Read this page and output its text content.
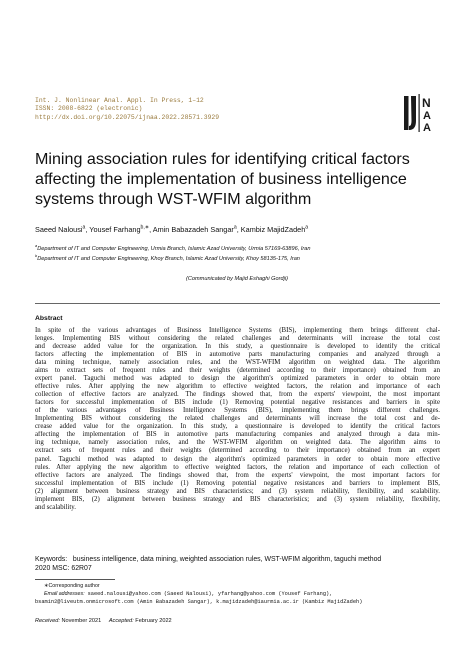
Int. J. Nonlinear Anal. Appl. In Press, 1–12
ISSN: 2008-6822 (electronic)
http://dx.doi.org/10.22075/ijnaa.2022.28571.3929
N
A
A
Mining association rules for identifying critical factors affecting the implementation of business intelligence systems through WST-WFIM algorithm
Saeed Nalousi$^a$, Yousef Farhang$^{b,∗}$, Amin Babazadeh Sangar$^a$, Kambiz MajidZadeh$^a$
$^a$Department of IT and Computer Engineering, Urmia Branch, Islamic Azad University, Urmia 57169-63896, Iran
$^b$Department of IT and Computer Engineering, Khoy Branch, Islamic Azad University, Khoy 58135-175, Iran
(Communicated by Majid Eshaghi Gordji)
Abstract
In spite of the various advantages of Business Intelligence Systems (BIS), implementing them brings different chal-
lenges. Implementing BIS without considering the related challenges and determinants will increase the total cost
and decrease added value for the organization. In this study, a questionnaire is developed to identify the critical
factors affecting the implementation of BIS in automotive parts manufacturing companies and analyzed through a
data mining technique, namely association rules, and the WST-WFIM algorithm on weighted data. The algorithm
aims to extract sets of frequent rules and their weights (determined according to their importance) obtained from an
expert panel. Taguchi method was adapted to design the algorithm's optimized parameters in order to obtain more
effective rules. After applying the new algorithm to effective weighted factors, the relation and importance of each
collection of effective factors are analyzed. The findings showed that, from the experts' viewpoint, the most important
factors for successful implementation of BIS include (1) Removing potential negative resistances and barriers in spite
of the various advantages of Business Intelligence Systems (BIS), implementing them brings different challenges.
Implementing BIS without considering the related challenges and determinants will increase the total cost and de-
crease added value for the organization. In this study, a questionnaire is developed to identify the critical factors
affecting the implementation of BIS in automotive parts manufacturing companies and analyzed through a data min-
ing technique, namely association rules, and the WST-WFIM algorithm on weighted data. The algorithm aims to
extract sets of frequent rules and their weights (determined according to their importance) obtained from an expert
panel. Taguchi method was adapted to design the algorithm's optimized parameters in order to obtain more effective
rules. After applying the new algorithm to effective weighted factors, the relation and importance of each collection of
effective factors are analyzed. The findings showed that, from the experts' viewpoint, the most important factors for
successful implementation of BIS include (1) Removing potential negative resistances and barriers to implement BIS,
(2) alignment between business strategy and BIS characteristics; and (3) system reliability, flexibility, and scalability.
implement BIS, (2) alignment between business strategy and BIS characteristics; and (3) system reliability, flexibility,
and scalability.
Keywords: business intelligence, data mining, weighted association rules, WST-WFIM algorithm, taguchi method
2020 MSC: 62R07
∗Corresponding author
Email addresses: saeed.nalousi@yahoo.com (Saeed Nalousi), yfarhang@yahoo.com (Yousef Farhang),
bsamin2@liveutm.onmicrosoft.com (Amin Babazadeh Sangar), k.majidzadeh@iaurmia.ac.ir (Kambiz MajidZadeh)
Received: November 2021 Accepted: February 2022
